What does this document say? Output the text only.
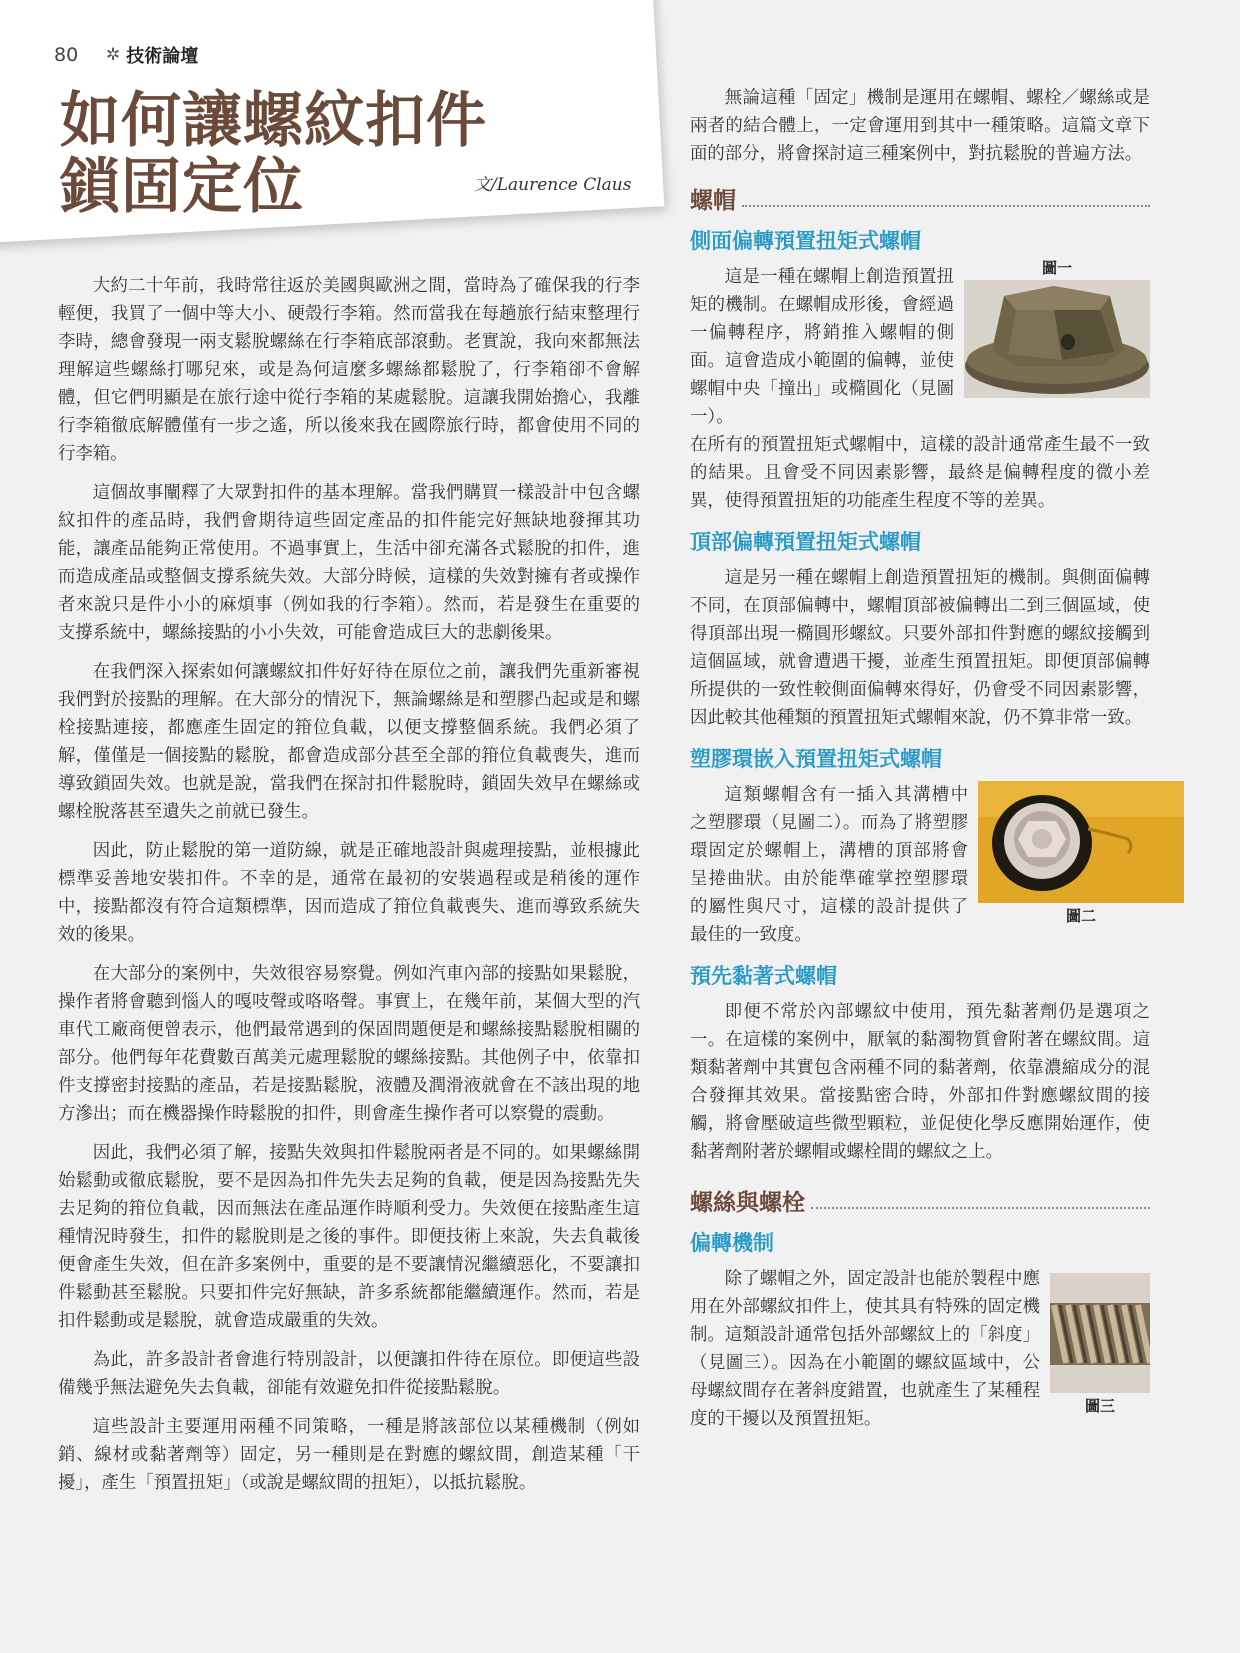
80 ✲ 技術論壇
如何讓螺紋扣件
鎖固定位	文/Laurence Claus

大約二十年前，我時常往返於美國與歐洲之間，當時為了確保我的行李輕便，我買了一個中等大小、硬殼行李箱。然而當我在每趟旅行結束整理行李時，總會發現一兩支鬆脫螺絲在行李箱底部滾動。老實說，我向來都無法理解這些螺絲打哪兒來，或是為何這麼多螺絲都鬆脫了，行李箱卻不會解體，但它們明顯是在旅行途中從行李箱的某處鬆脫。這讓我開始擔心，我離行李箱徹底解體僅有一步之遙，所以後來我在國際旅行時，都會使用不同的行李箱。

這個故事闡釋了大眾對扣件的基本理解。當我們購買一樣設計中包含螺紋扣件的產品時，我們會期待這些固定產品的扣件能完好無缺地發揮其功能，讓產品能夠正常使用。不過事實上，生活中卻充滿各式鬆脫的扣件，進而造成產品或整個支撐系統失效。大部分時候，這樣的失效對擁有者或操作者來說只是件小小的麻煩事（例如我的行李箱）。然而，若是發生在重要的支撐系統中，螺絲接點的小小失效，可能會造成巨大的悲劇後果。

在我們深入探索如何讓螺紋扣件好好待在原位之前，讓我們先重新審視我們對於接點的理解。在大部分的情況下，無論螺絲是和塑膠凸起或是和螺栓接點連接，都應產生固定的箝位負載，以便支撐整個系統。我們必須了解，僅僅是一個接點的鬆脫，都會造成部分甚至全部的箝位負載喪失，進而導致鎖固失效。也就是說，當我們在探討扣件鬆脫時，鎖固失效早在螺絲或螺栓脫落甚至遺失之前就已發生。

因此，防止鬆脫的第一道防線，就是正確地設計與處理接點，並根據此標準妥善地安裝扣件。不幸的是，通常在最初的安裝過程或是稍後的運作中，接點都沒有符合這類標準，因而造成了箝位負載喪失、進而導致系統失效的後果。

在大部分的案例中，失效很容易察覺。例如汽車內部的接點如果鬆脫，操作者將會聽到惱人的嘎吱聲或咯咯聲。事實上，在幾年前，某個大型的汽車代工廠商便曾表示，他們最常遇到的保固問題便是和螺絲接點鬆脫相關的部分。他們每年花費數百萬美元處理鬆脫的螺絲接點。其他例子中，依靠扣件支撐密封接點的產品，若是接點鬆脫，液體及潤滑液就會在不該出現的地方滲出；而在機器操作時鬆脫的扣件，則會產生操作者可以察覺的震動。

因此，我們必須了解，接點失效與扣件鬆脫兩者是不同的。如果螺絲開始鬆動或徹底鬆脫，要不是因為扣件先失去足夠的負載，便是因為接點先失去足夠的箝位負載，因而無法在產品運作時順利受力。失效便在接點產生這種情況時發生，扣件的鬆脫則是之後的事件。即便技術上來說，失去負載後便會產生失效，但在許多案例中，重要的是不要讓情況繼續惡化，不要讓扣件鬆動甚至鬆脫。只要扣件完好無缺，許多系統都能繼續運作。然而，若是扣件鬆動或是鬆脫，就會造成嚴重的失效。

為此，許多設計者會進行特別設計，以便讓扣件待在原位。即便這些設備幾乎無法避免失去負載，卻能有效避免扣件從接點鬆脫。

這些設計主要運用兩種不同策略，一種是將該部位以某種機制（例如銷、線材或黏著劑等）固定，另一種則是在對應的螺紋間，創造某種「干擾」，產生「預置扭矩」（或說是螺紋間的扭矩），以抵抗鬆脫。

無論這種「固定」機制是運用在螺帽、螺栓／螺絲或是兩者的結合體上，一定會運用到其中一種策略。這篇文章下面的部分，將會探討這三種案例中，對抗鬆脫的普遍方法。

螺帽
側面偏轉預置扭矩式螺帽
圖一

這是一種在螺帽上創造預置扭矩的機制。在螺帽成形後，會經過一偏轉程序，將銷推入螺帽的側面。這會造成小範圍的偏轉，並使螺帽中央「撞出」或橢圓化（見圖一）。

在所有的預置扭矩式螺帽中，這樣的設計通常產生最不一致的結果。且會受不同因素影響，最終是偏轉程度的微小差異，使得預置扭矩的功能產生程度不等的差異。

頂部偏轉預置扭矩式螺帽

這是另一種在螺帽上創造預置扭矩的機制。與側面偏轉不同，在頂部偏轉中，螺帽頂部被偏轉出二到三個區域，使得頂部出現一橢圓形螺紋。只要外部扣件對應的螺紋接觸到這個區域，就會遭遇干擾，並產生預置扭矩。即便頂部偏轉所提供的一致性較側面偏轉來得好，仍會受不同因素影響，因此較其他種類的預置扭矩式螺帽來說，仍不算非常一致。

塑膠環嵌入預置扭矩式螺帽
圖二

這類螺帽含有一插入其溝槽中之塑膠環（見圖二）。而為了將塑膠環固定於螺帽上，溝槽的頂部將會呈捲曲狀。由於能準確掌控塑膠環的屬性與尺寸，這樣的設計提供了最佳的一致度。

預先黏著式螺帽

即便不常於內部螺紋中使用，預先黏著劑仍是選項之一。在這樣的案例中，厭氧的黏濁物質會附著在螺紋間。這類黏著劑中其實包含兩種不同的黏著劑，依靠濃縮成分的混合發揮其效果。當接點密合時，外部扣件對應螺紋間的接觸，將會壓破這些微型顆粒，並促使化學反應開始運作，使黏著劑附著於螺帽或螺栓間的螺紋之上。

螺絲與螺栓
偏轉機制
圖三

除了螺帽之外，固定設計也能於製程中應用在外部螺紋扣件上，使其具有特殊的固定機制。這類設計通常包括外部螺紋上的「斜度」（見圖三）。因為在小範圍的螺紋區域中，公母螺紋間存在著斜度錯置，也就產生了某種程度的干擾以及預置扭矩。
